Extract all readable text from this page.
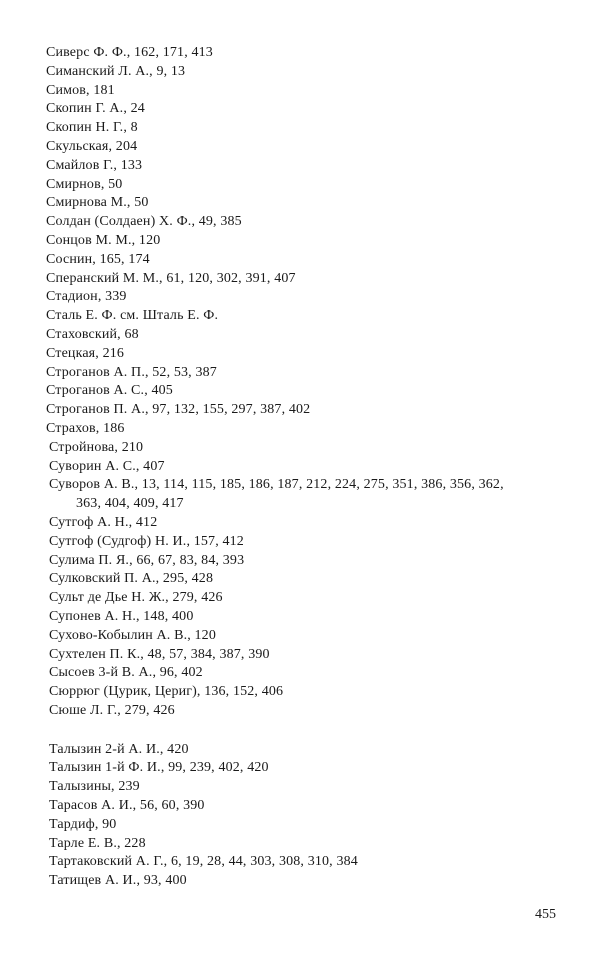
Сиверс Ф. Ф., 162, 171, 413
Симанский Л. А., 9, 13
Симов, 181
Скопин Г. А., 24
Скопин Н. Г., 8
Скульская, 204
Смайлов Г., 133
Смирнов, 50
Смирнова М., 50
Солдан (Солдаен) Х. Ф., 49, 385
Сонцов М. М., 120
Соснин, 165, 174
Сперанский М. М., 61, 120, 302, 391, 407
Стадион, 339
Сталь Е. Ф. см. Шталь Е. Ф.
Стаховский, 68
Стецкая, 216
Строганов А. П., 52, 53, 387
Строганов А. С., 405
Строганов П. А., 97, 132, 155, 297, 387, 402
Страхов, 186
Стройнова, 210
Суворин А. С., 407
Суворов А. В., 13, 114, 115, 185, 186, 187, 212, 224, 275, 351, 386, 356, 362,
363, 404, 409, 417
Сутгоф А. Н., 412
Сутгоф (Судгоф) Н. И., 157, 412
Сулима П. Я., 66, 67, 83, 84, 393
Сулковский П. А., 295, 428
Сульт де Дье Н. Ж., 279, 426
Супонев А. Н., 148, 400
Сухово-Кобылин А. В., 120
Сухтелен П. К., 48, 57, 384, 387, 390
Сысоев 3-й В. А., 96, 402
Сюррюг (Цурик, Цериг), 136, 152, 406
Сюше Л. Г., 279, 426
Талызин 2-й А. И., 420
Талызин 1-й Ф. И., 99, 239, 402, 420
Талызины, 239
Тарасов А. И., 56, 60, 390
Тардиф, 90
Тарле Е. В., 228
Тартаковский А. Г., 6, 19, 28, 44, 303, 308, 310, 384
Татищев А. И., 93, 400
455
